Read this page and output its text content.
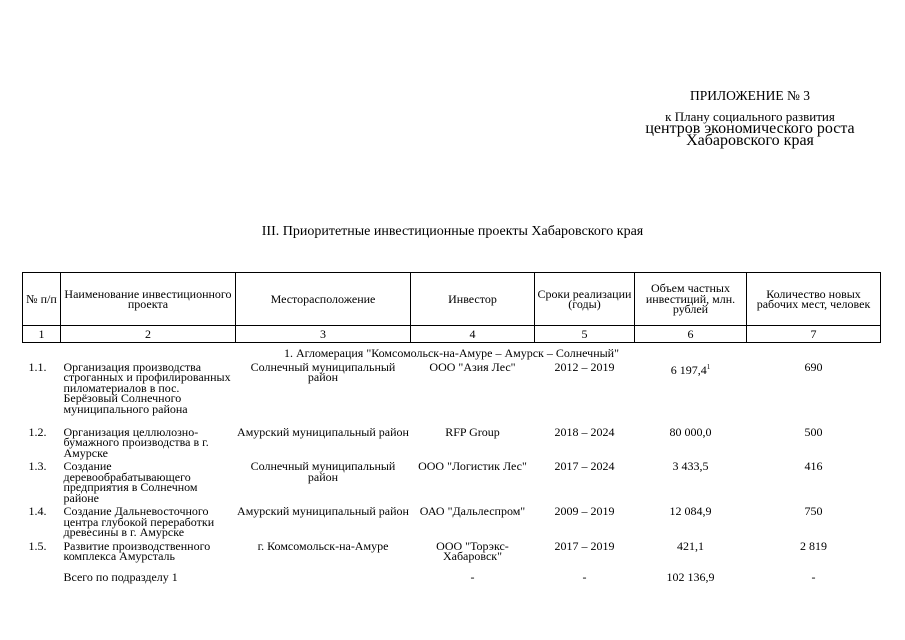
ПРИЛОЖЕНИЕ № 3
к Плану социального развития
центров экономического роста
Хабаровского края
III. Приоритетные инвестиционные проекты Хабаровского края
№ п/п	Наименование инвестиционного проекта	Месторасположение	Инвестор	Сроки реализации (годы)	Объем частных инвестиций, млн. рублей	Количество новых рабочих мест, человек
1	2	3	4	5	6	7
1. Агломерация "Комсомольск-на-Амуре – Амурск – Солнечный"						
1.1.	Организация производства строганных и профилированных пиломатериалов в пос. Берёзовый Солнечного муниципального района	Солнечный муниципальный район	ООО "Азия Лес"	2012 – 2019	6 197,4$^1$	690
1.2.	Организация целлюлозно-бумажного производства в г. Амурске	Амурский муниципальный район	RFP Group	2018 – 2024	80 000,0	500
1.3.	Создание деревообрабатывающего предприятия в Солнечном районе	Солнечный муниципальный район	ООО "Логистик Лес"	2017 – 2024	3 433,5	416
1.4.	Создание Дальневосточного центра глубокой переработки древесины в г. Амурске	Амурский муниципальный район	ОАО "Дальлеспром"	2009 – 2019	12 084,9	750
1.5.	Развитие производственного комплекса Амурсталь	г. Комсомольск-на-Амуре	ООО "Торэкс-Хабаровск"	2017 – 2019	421,1	2 819
	Всего по подразделу 1		-	-	102 136,9	-
